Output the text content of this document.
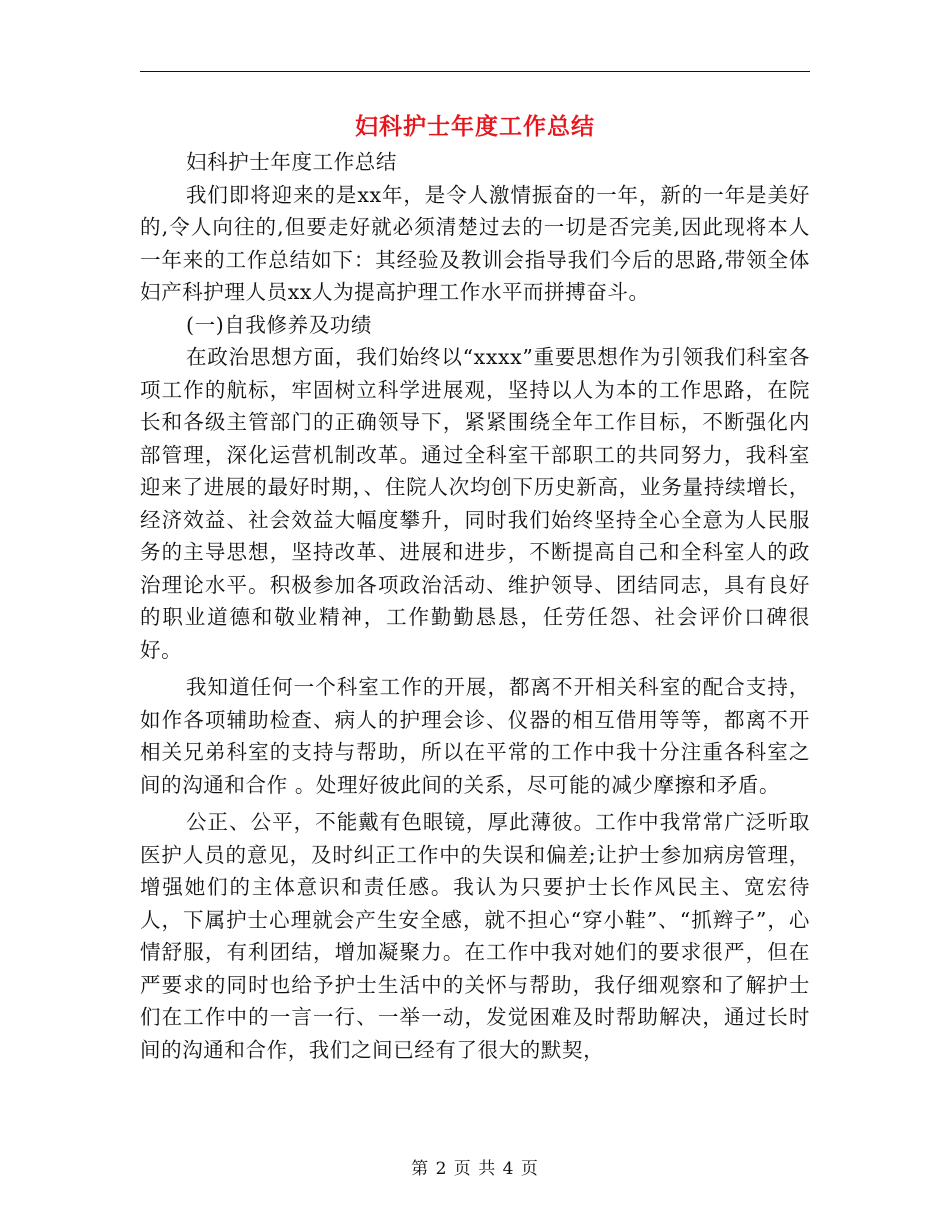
妇科护士年度工作总结

妇科护士年度工作总结

我们即将迎来的是xx年，是令人激情振奋的一年，新的一年是美好的,令人向往的,但要走好就必须清楚过去的一切是否完美,因此现将本人一年来的工作总结如下：其经验及教训会指导我们今后的思路,带领全体妇产科护理人员xx人为提高护理工作水平而拼搏奋斗。

(一)自我修养及功绩

在政治思想方面，我们始终以“xxxx”重要思想作为引领我们科室各项工作的航标，牢固树立科学进展观，坚持以人为本的工作思路，在院长和各级主管部门的正确领导下，紧紧围绕全年工作目标，不断强化内部管理，深化运营机制改革。通过全科室干部职工的共同努力，我科室迎来了进展的最好时期，、住院人次均创下历史新高，业务量持续增长，经济效益、社会效益大幅度攀升，同时我们始终坚持全心全意为人民服务的主导思想，坚持改革、进展和进步，不断提高自己和全科室人的政治理论水平。积极参加各项政治活动、维护领导、团结同志，具有良好的职业道德和敬业精神，工作勤勤恳恳，任劳任怨、社会评价口碑很好。

我知道任何一个科室工作的开展，都离不开相关科室的配合支持，如作各项辅助检查、病人的护理会诊、仪器的相互借用等等，都离不开相关兄弟科室的支持与帮助，所以在平常的工作中我十分注重各科室之间的沟通和合作 。处理好彼此间的关系，尽可能的减少摩擦和矛盾。

公正、公平，不能戴有色眼镜，厚此薄彼。工作中我常常广泛听取医护人员的意见，及时纠正工作中的失误和偏差;让护士参加病房管理，增强她们的主体意识和责任感。我认为只要护士长作风民主、宽宏待人，下属护士心理就会产生安全感，就不担心“穿小鞋”、“抓辫子”，心情舒服，有利团结，增加凝聚力。在工作中我对她们的要求很严，但在严要求的同时也给予护士生活中的关怀与帮助，我仔细观察和了解护士们在工作中的一言一行、一举一动，发觉困难及时帮助解决，通过长时间的沟通和合作，我们之间已经有了很大的默契，

第 2 页 共 4 页
